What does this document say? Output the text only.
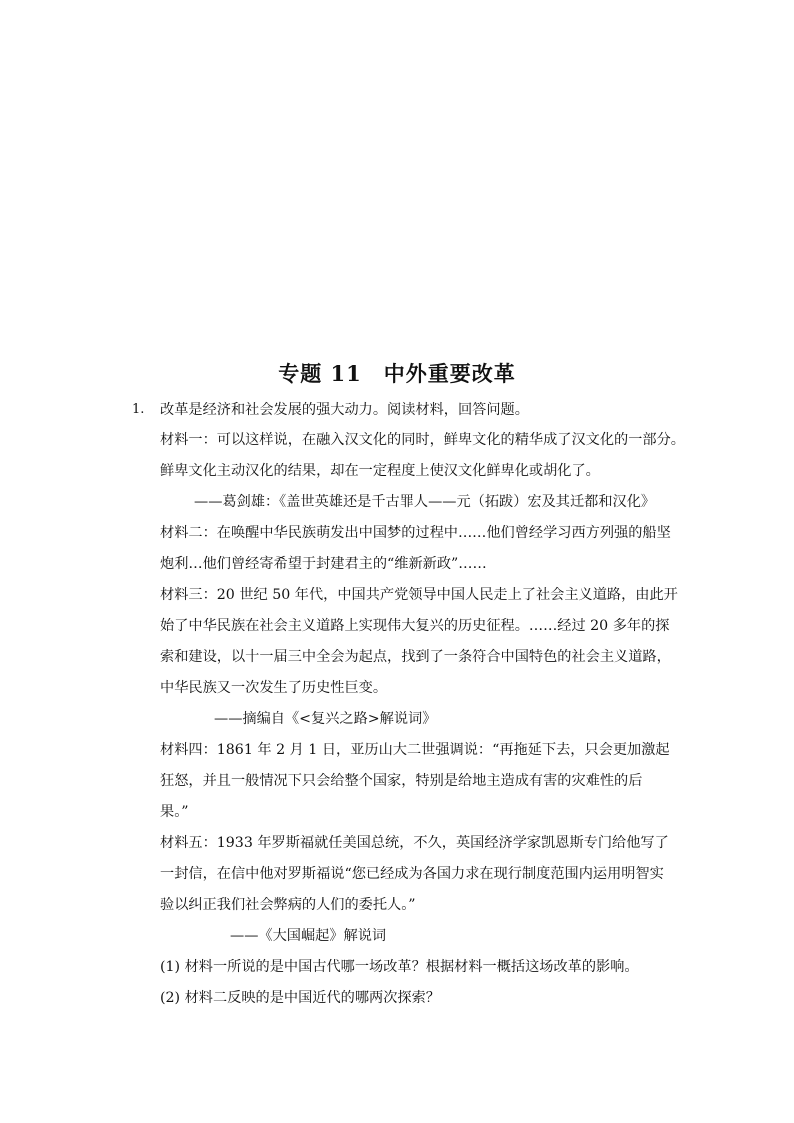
专题 11　中外重要改革
1. 改革是经济和社会发展的强大动力。阅读材料，回答问题。
材料一：可以这样说，在融入汉文化的同时，鲜卑文化的精华成了汉文化的一部分。
鲜卑文化主动汉化的结果，却在一定程度上使汉文化鲜卑化或胡化了。
——葛剑雄：《盖世英雄还是千古罪人——元（拓跋）宏及其迁都和汉化》
材料二：在唤醒中华民族萌发出中国梦的过程中……他们曾经学习西方列强的船坚
炮利…他们曾经寄希望于封建君主的“维新新政”……
材料三：20 世纪 50 年代，中国共产党领导中国人民走上了社会主义道路，由此开
始了中华民族在社会主义道路上实现伟大复兴的历史征程。……经过 20 多年的探
索和建设，以十一届三中全会为起点，找到了一条符合中国特色的社会主义道路，
中华民族又一次发生了历史性巨变。
——摘编自《<复兴之路>解说词》
材料四：1861 年 2 月 1 日，亚历山大二世强调说：“再拖延下去，只会更加激起
狂怒，并且一般情况下只会给整个国家，特别是给地主造成有害的灾难性的后
果。”
材料五：1933 年罗斯福就任美国总统，不久，英国经济学家凯恩斯专门给他写了
一封信，在信中他对罗斯福说“您已经成为各国力求在现行制度范围内运用明智实
验以纠正我们社会弊病的人们的委托人。”
——《大国崛起》解说词
(1) 材料一所说的是中国古代哪一场改革？根据材料一概括这场改革的影响。
(2) 材料二反映的是中国近代的哪两次探索？
